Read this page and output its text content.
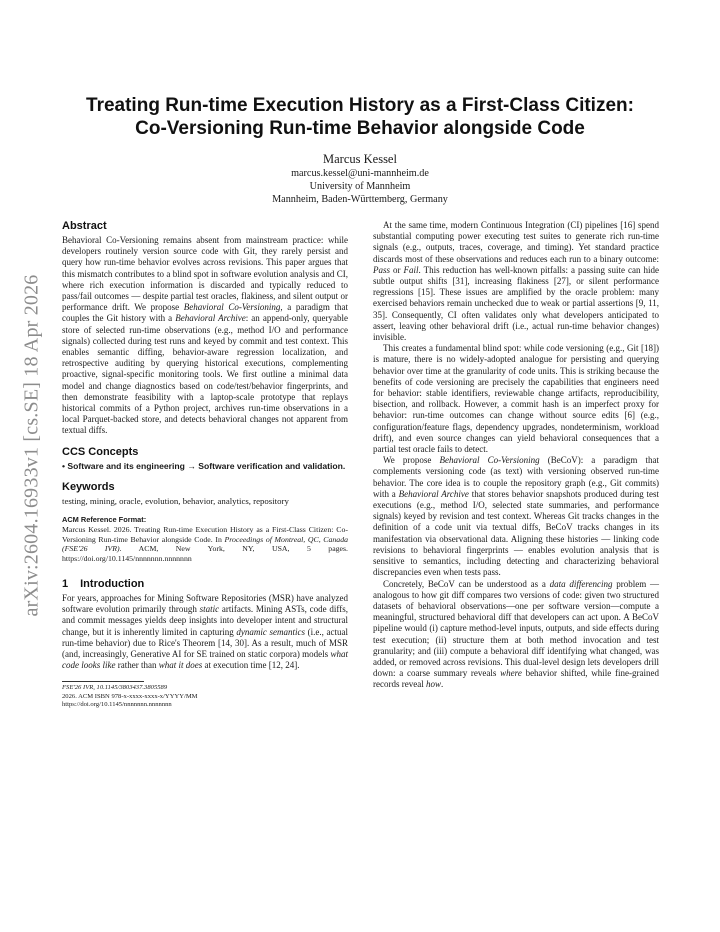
arXiv:2604.16933v1 [cs.SE] 18 Apr 2026
Treating Run-time Execution History as a First-Class Citizen:
Co-Versioning Run-time Behavior alongside Code
Marcus Kessel
marcus.kessel@uni-mannheim.de
University of Mannheim
Mannheim, Baden-Württemberg, Germany
Abstract

Behavioral Co-Versioning remains absent from mainstream practice: while developers routinely version source code with Git, they rarely persist and query how run-time behavior evolves across revisions. This paper argues that this mismatch contributes to a blind spot in software evolution analysis and CI, where rich execution information is discarded and typically reduced to pass/fail outcomes — despite partial test oracles, flakiness, and silent output or performance drift. We propose Behavioral Co-Versioning, a paradigm that couples the Git history with a Behavioral Archive: an append-only, queryable store of selected run-time observations (e.g., method I/O and performance signals) collected during test runs and keyed by commit and test context. This enables semantic diffing, behavior-aware regression localization, and retrospective auditing by querying historical executions, complementing proactive, signal-specific monitoring tools. We first outline a minimal data model and change diagnostics based on code/test/behavior fingerprints, and then demonstrate feasibility with a laptop-scale prototype that replays historical commits of a Python project, archives run-time observations in a local Parquet-backed store, and detects behavioral changes not apparent from textual diffs.

CCS Concepts
• Software and its engineering → Software verification and validation.
Keywords
testing, mining, oracle, evolution, behavior, analytics, repository
ACM Reference Format:
Marcus Kessel. 2026. Treating Run-time Execution History as a First-Class Citizen: Co-Versioning Run-time Behavior alongside Code. In Proceedings of Montreal, QC, Canada (FSE'26 IVR). ACM, New York, NY, USA, 5 pages. https://doi.org/10.1145/nnnnnnn.nnnnnnn
1 Introduction

For years, approaches for Mining Software Repositories (MSR) have analyzed software evolution primarily through static artifacts. Mining ASTs, code diffs, and commit messages yields deep insights into developer intent and structural change, but it is inherently limited in capturing dynamic semantics (i.e., actual run-time behavior) due to Rice's Theorem [14, 30]. As a result, much of MSR (and, increasingly, Generative AI for SE trained on static corpora) models what code looks like rather than what it does at execution time [12, 24].

FSE'26 IVR, 10.1145/3803437.3805589
2026. ACM ISBN 978-x-xxxx-xxxx-x/YYYY/MM
https://doi.org/10.1145/nnnnnnn.nnnnnnn

At the same time, modern Continuous Integration (CI) pipelines [16] spend substantial computing power executing test suites to generate rich run-time signals (e.g., outputs, traces, coverage, and timing). Yet standard practice discards most of these observations and reduces each run to a binary outcome: Pass or Fail. This reduction has well-known pitfalls: a passing suite can hide subtle output shifts [31], increasing flakiness [27], or silent performance regressions [15]. These issues are amplified by the oracle problem: many exercised behaviors remain unchecked due to weak or partial assertions [9, 11, 35]. Consequently, CI often validates only what developers anticipated to assert, leaving other behavioral drift (i.e., actual run-time behavior changes) invisible.

This creates a fundamental blind spot: while code versioning (e.g., Git [18]) is mature, there is no widely-adopted analogue for persisting and querying behavior over time at the granularity of code units. This is striking because the benefits of code versioning are precisely the capabilities that engineers need for behavior: stable identifiers, reviewable change artifacts, reproducibility, bisection, and rollback. However, a commit hash is an imperfect proxy for behavior: run-time outcomes can change without source edits [6] (e.g., configuration/feature flags, dependency upgrades, nondeterminism, workload drift), and even source changes can yield behavioral consequences that a partial test oracle fails to detect.

We propose Behavioral Co-Versioning (BeCoV): a paradigm that complements versioning code (as text) with versioning observed run-time behavior. The core idea is to couple the repository graph (e.g., Git commits) with a Behavioral Archive that stores behavior snapshots produced during test executions (e.g., method I/O, selected state summaries, and performance signals) keyed by revision and test context. Whereas Git tracks changes in the definition of a code unit via textual diffs, BeCoV tracks changes in its manifestation via observational data. Aligning these histories — linking code revisions to behavioral fingerprints — enables evolution analysis that is sensitive to semantics, including detecting and characterizing behavioral discrepancies even when tests pass.

Concretely, BeCoV can be understood as a data differencing problem — analogous to how git diff compares two versions of code: given two structured datasets of behavioral observations—one per software version—compute a meaningful, structured behavioral diff that developers can act upon. A BeCoV pipeline would (i) capture method-level inputs, outputs, and side effects during test execution; (ii) structure them at both method invocation and test granularity; and (iii) compute a behavioral diff identifying what changed, was added, or removed across revisions. This dual-level design lets developers drill down: a coarse summary reveals where behavior shifted, while fine-grained records reveal how.
